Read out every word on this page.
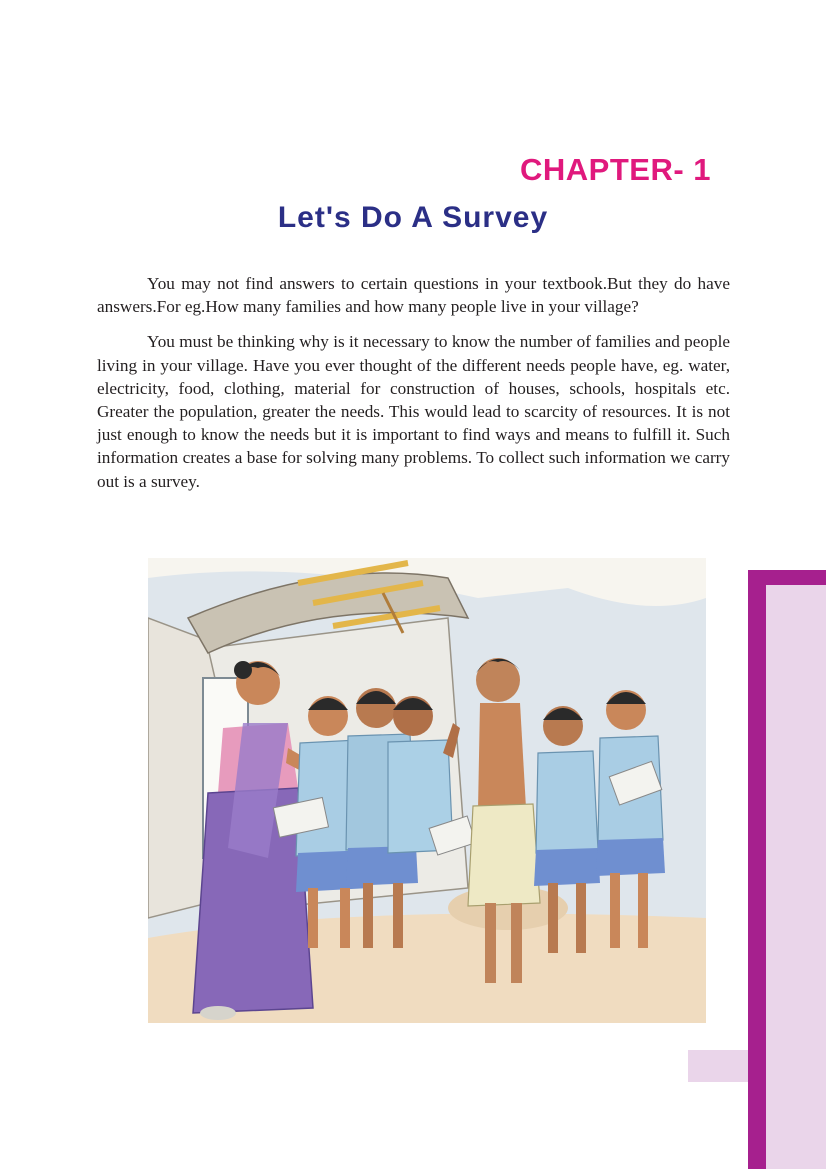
CHAPTER- 1
Let's Do A Survey

You may not find answers to certain questions in your textbook.But they do have answers.For eg.How many families and how many people live in your village?

You must be thinking why is it necessary to know the number of families and people living in your village. Have you ever thought of the different needs people have, eg. water, electricity, food, clothing, material for construction of houses, schools, hospitals etc. Greater the population, greater the needs. This would lead to scarcity of resources. It is not just enough to know the needs but it is important to find ways and means to fulfill it. Such information creates a base for solving many problems. To collect such information we carry out is a survey.
